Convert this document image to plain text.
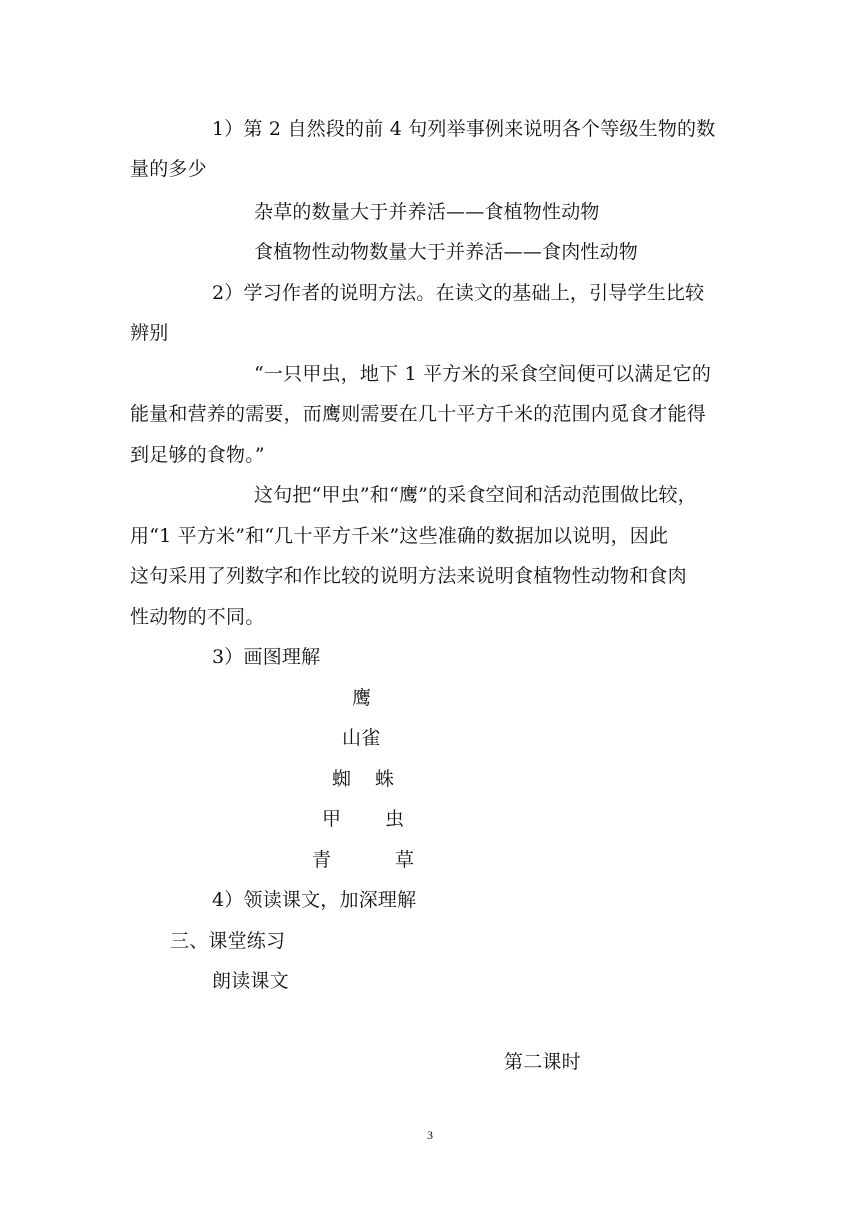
1）第 2 自然段的前 4 句列举事例来说明各个等级生物的数
量的多少
杂草的数量大于并养活——食植物性动物
食植物性动物数量大于并养活——食肉性动物
2）学习作者的说明方法。在读文的基础上，引导学生比较
辨别
“一只甲虫，地下 1 平方米的采食空间便可以满足它的
能量和营养的需要，而鹰则需要在几十平方千米的范围内觅食才能得
到足够的食物。”
这句把“甲虫”和“鹰”的采食空间和活动范围做比较，
用“1 平方米”和“几十平方千米”这些准确的数据加以说明，因此
这句采用了列数字和作比较的说明方法来说明食植物性动物和食肉
性动物的不同。
3）画图理解
鹰
山雀
蜘 蛛
甲 虫
青	草
4）领读课文，加深理解
三、课堂练习
朗读课文
第二课时
3
